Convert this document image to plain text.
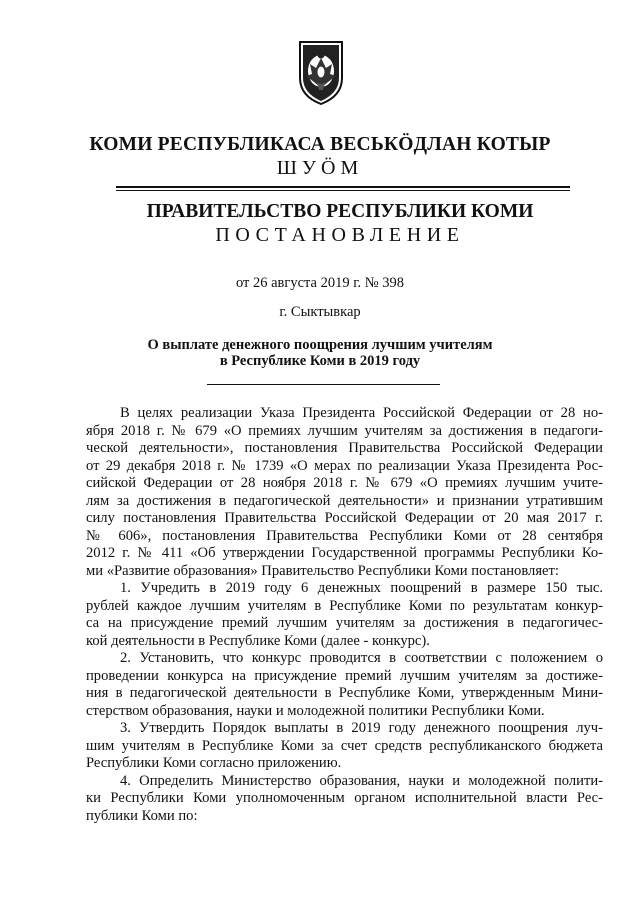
КОМИ РЕСПУБЛИКАСА ВЕСЬКӦДЛАН КОТЫР
ШУӦМ
ПРАВИТЕЛЬСТВО РЕСПУБЛИКИ КОМИ
ПОСТАНОВЛЕНИЕ
от 26 августа 2019 г. № 398
г. Сыктывкар
О выплате денежного поощрения лучшим учителям
в Республике Коми в 2019 году
В целях реализации Указа Президента Российской Федерации от 28 но-
ября 2018 г. № 679 «О премиях лучшим учителям за достижения в педагоги-
ческой деятельности», постановления Правительства Российской Федерации
от 29 декабря 2018 г. № 1739 «О мерах по реализации Указа Президента Рос-
сийской Федерации от 28 ноября 2018 г. № 679 «О премиях лучшим учите-
лям за достижения в педагогической деятельности» и признании утратившим
силу постановления Правительства Российской Федерации от 20 мая 2017 г.
№ 606», постановления Правительства Республики Коми от 28 сентября
2012 г. № 411 «Об утверждении Государственной программы Республики Ко-
ми «Развитие образования» Правительство Республики Коми постановляет:
1. Учредить в 2019 году 6 денежных поощрений в размере 150 тыс.
рублей каждое лучшим учителям в Республике Коми по результатам конкур-
са на присуждение премий лучшим учителям за достижения в педагогичес-
кой деятельности в Республике Коми (далее - конкурс).
2. Установить, что конкурс проводится в соответствии с положением о
проведении конкурса на присуждение премий лучшим учителям за достиже-
ния в педагогической деятельности в Республике Коми, утвержденным Мини-
стерством образования, науки и молодежной политики Республики Коми.
3. Утвердить Порядок выплаты в 2019 году денежного поощрения луч-
шим учителям в Республике Коми за счет средств республиканского бюджета
Республики Коми согласно приложению.
4. Определить Министерство образования, науки и молодежной полити-
ки Республики Коми уполномоченным органом исполнительной власти Рес-
публики Коми по:
